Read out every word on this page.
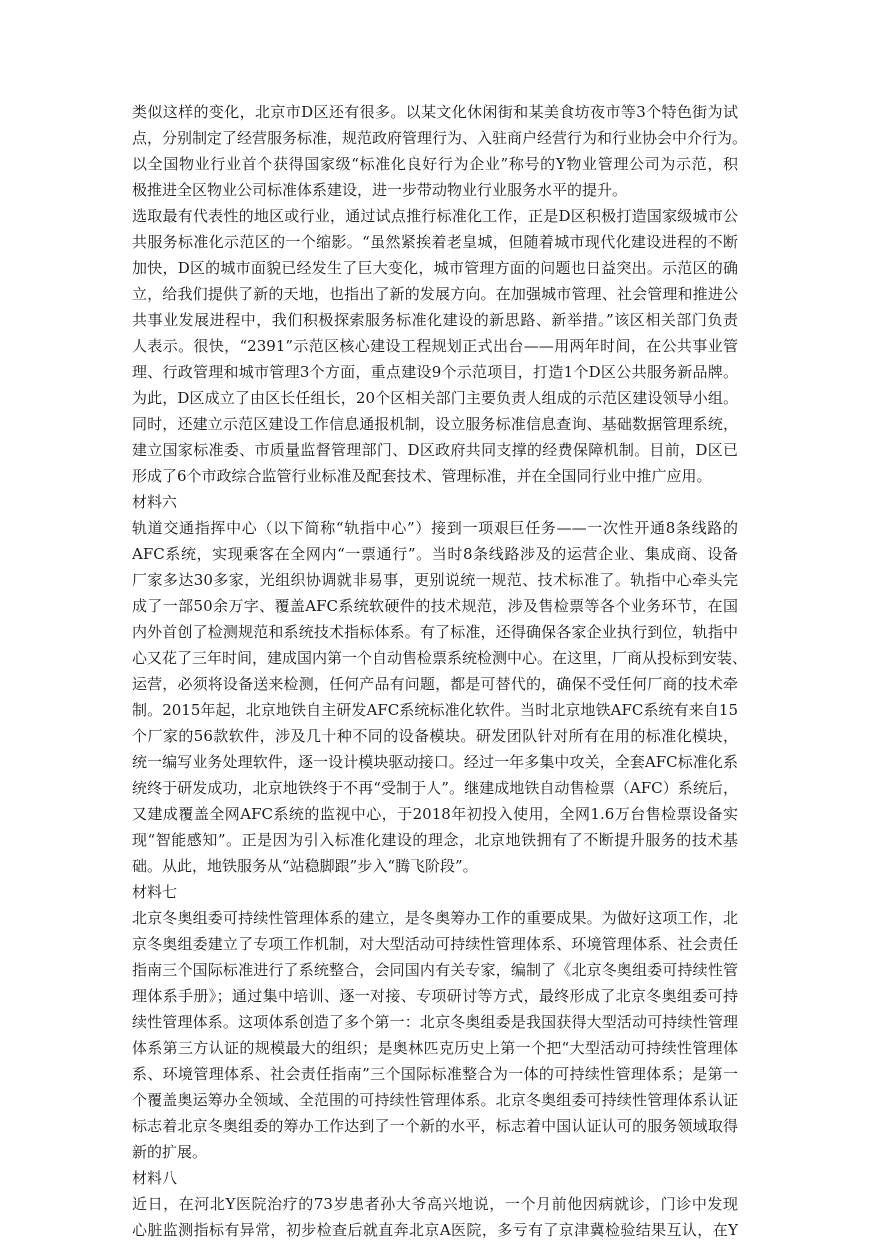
类似这样的变化，北京市D区还有很多。以某文化休闲街和某美食坊夜市等3个特色街为试
点，分别制定了经营服务标准，规范政府管理行为、入驻商户经营行为和行业协会中介行为。
以全国物业行业首个获得国家级“标准化良好行为企业”称号的Y物业管理公司为示范，积
极推进全区物业公司标准体系建设，进一步带动物业行业服务水平的提升。
选取最有代表性的地区或行业，通过试点推行标准化工作，正是D区积极打造国家级城市公
共服务标准化示范区的一个缩影。“虽然紧挨着老皇城，但随着城市现代化建设进程的不断
加快，D区的城市面貌已经发生了巨大变化，城市管理方面的问题也日益突出。示范区的确
立，给我们提供了新的天地，也指出了新的发展方向。在加强城市管理、社会管理和推进公
共事业发展进程中，我们积极探索服务标准化建设的新思路、新举措。”该区相关部门负责
人表示。很快，“2391”示范区核心建设工程规划正式出台——用两年时间，在公共事业管
理、行政管理和城市管理3个方面，重点建设9个示范项目，打造1个D区公共服务新品牌。
为此，D区成立了由区长任组长，20个区相关部门主要负责人组成的示范区建设领导小组。
同时，还建立示范区建设工作信息通报机制，设立服务标准信息查询、基础数据管理系统，
建立国家标准委、市质量监督管理部门、D区政府共同支撑的经费保障机制。目前，D区已
形成了6个市政综合监管行业标准及配套技术、管理标准，并在全国同行业中推广应用。
材料六
轨道交通指挥中心（以下简称“轨指中心”）接到一项艰巨任务——一次性开通8条线路的
AFC系统，实现乘客在全网内“一票通行”。当时8条线路涉及的运营企业、集成商、设备
厂家多达30多家，光组织协调就非易事，更别说统一规范、技术标准了。轨指中心牵头完
成了一部50余万字、覆盖AFC系统软硬件的技术规范，涉及售检票等各个业务环节，在国
内外首创了检测规范和系统技术指标体系。有了标准，还得确保各家企业执行到位，轨指中
心又花了三年时间，建成国内第一个自动售检票系统检测中心。在这里，厂商从投标到安装、
运营，必须将设备送来检测，任何产品有问题，都是可替代的，确保不受任何厂商的技术牵
制。2015年起，北京地铁自主研发AFC系统标准化软件。当时北京地铁AFC系统有来自15
个厂家的56款软件，涉及几十种不同的设备模块。研发团队针对所有在用的标准化模块，
统一编写业务处理软件，逐一设计模块驱动接口。经过一年多集中攻关，全套AFC标准化系
统终于研发成功，北京地铁终于不再“受制于人”。继建成地铁自动售检票（AFC）系统后，
又建成覆盖全网AFC系统的监视中心，于2018年初投入使用，全网1.6万台售检票设备实
现“智能感知”。正是因为引入标准化建设的理念，北京地铁拥有了不断提升服务的技术基
础。从此，地铁服务从“站稳脚跟”步入“腾飞阶段”。
材料七
北京冬奥组委可持续性管理体系的建立，是冬奥筹办工作的重要成果。为做好这项工作，北
京冬奥组委建立了专项工作机制，对大型活动可持续性管理体系、环境管理体系、社会责任
指南三个国际标准进行了系统整合，会同国内有关专家，编制了《北京冬奥组委可持续性管
理体系手册》；通过集中培训、逐一对接、专项研讨等方式，最终形成了北京冬奥组委可持
续性管理体系。这项体系创造了多个第一：北京冬奥组委是我国获得大型活动可持续性管理
体系第三方认证的规模最大的组织；是奥林匹克历史上第一个把“大型活动可持续性管理体
系、环境管理体系、社会责任指南”三个国际标准整合为一体的可持续性管理体系；是第一
个覆盖奥运筹办全领域、全范围的可持续性管理体系。北京冬奥组委可持续性管理体系认证
标志着北京冬奥组委的筹办工作达到了一个新的水平，标志着中国认证认可的服务领域取得
新的扩展。
材料八
近日，在河北Y医院治疗的73岁患者孙大爷高兴地说，一个月前他因病就诊，门诊中发现
心脏监测指标有异常，初步检查后就直奔北京A医院，多亏有了京津冀检验结果互认，在Y
